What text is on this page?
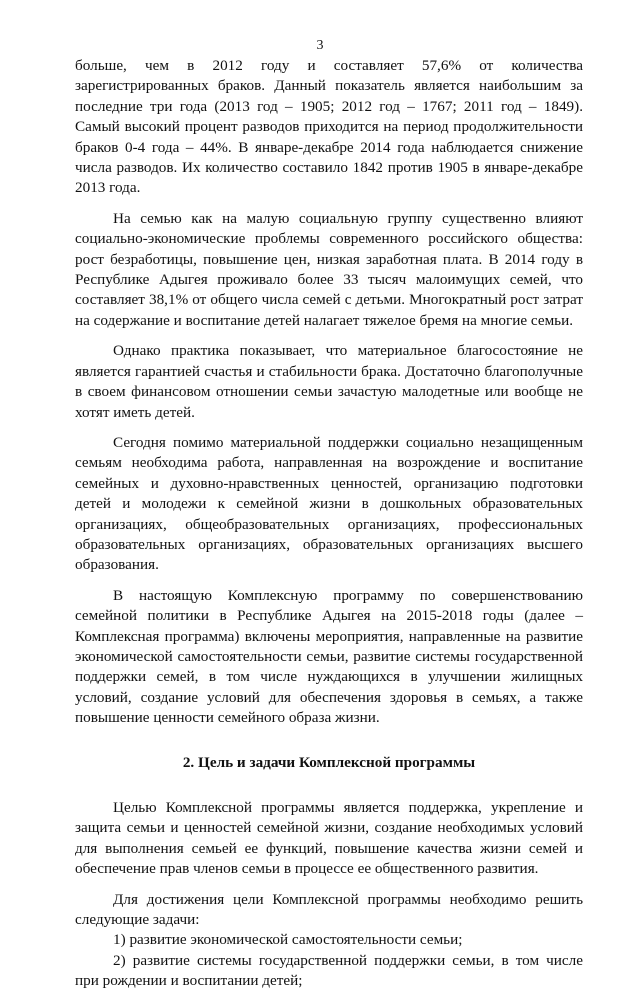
3

больше, чем в 2012 году и составляет 57,6% от количества зарегистрированных браков. Данный показатель является наибольшим за последние три года (2013 год – 1905; 2012 год – 1767; 2011 год – 1849). Самый высокий процент разводов приходится на период продолжительности браков 0-4 года – 44%. В январе-декабре 2014 года наблюдается снижение числа разводов. Их количество составило 1842 против 1905 в январе-декабре 2013 года.

На семью как на малую социальную группу существенно влияют социально-экономические проблемы современного российского общества: рост безработицы, повышение цен, низкая заработная плата. В 2014 году в Республике Адыгея проживало более 33 тысяч малоимущих семей, что составляет 38,1% от общего числа семей с детьми. Многократный рост затрат на содержание и воспитание детей налагает тяжелое бремя на многие семьи.

Однако практика показывает, что материальное благосостояние не является гарантией счастья и стабильности брака. Достаточно благополучные в своем финансовом отношении семьи зачастую малодетные или вообще не хотят иметь детей.

Сегодня помимо материальной поддержки социально незащищенным семьям необходима работа, направленная на возрождение и воспитание семейных и духовно-нравственных ценностей, организацию подготовки детей и молодежи к семейной жизни в дошкольных образовательных организациях, общеобразовательных организациях, профессиональных образовательных организациях, образовательных организациях высшего образования.

В настоящую Комплексную программу по совершенствованию семейной политики в Республике Адыгея на 2015-2018 годы (далее – Комплексная программа) включены мероприятия, направленные на развитие экономической самостоятельности семьи, развитие системы государственной поддержки семей, в том числе нуждающихся в улучшении жилищных условий, создание условий для обеспечения здоровья в семьях, а также повышение ценности семейного образа жизни.

2. Цель и задачи Комплексной программы

Целью Комплексной программы является поддержка, укрепление и защита семьи и ценностей семейной жизни, создание необходимых условий для выполнения семьей ее функций, повышение качества жизни семей и обеспечение прав членов семьи в процессе ее общественного развития.

Для достижения цели Комплексной программы необходимо решить следующие задачи:

1) развитие экономической самостоятельности семьи;

2) развитие системы государственной поддержки семьи, в том числе при рождении и воспитании детей;
